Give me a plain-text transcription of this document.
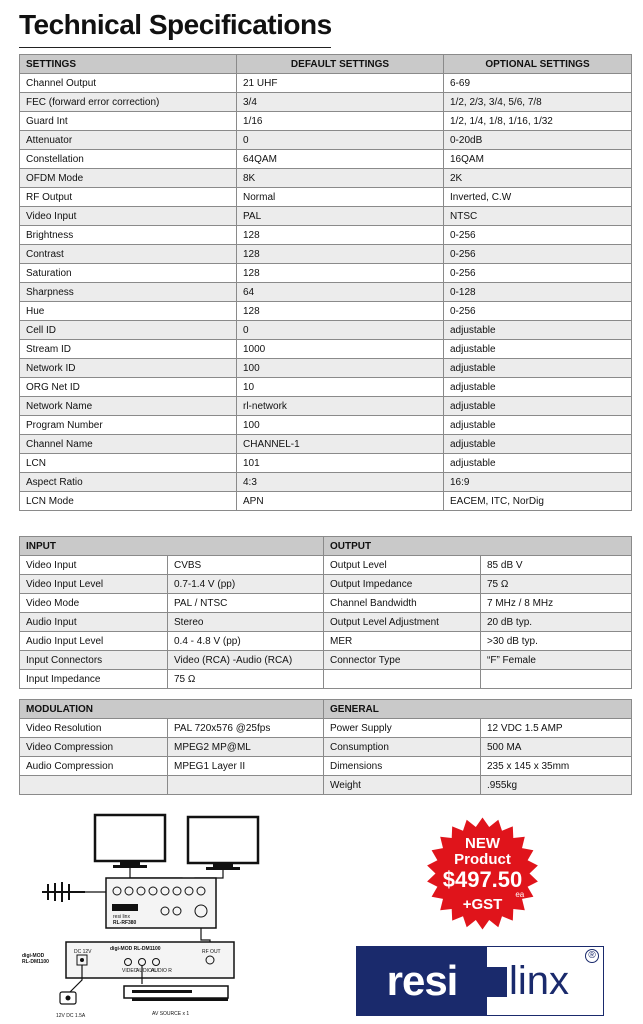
Technical Specifications
SETTINGS	DEFAULT SETTINGS	OPTIONAL SETTINGS
Channel Output	21 UHF	6-69
FEC (forward error correction)	3/4	1/2, 2/3, 3/4, 5/6, 7/8
Guard Int	1/16	1/2, 1/4, 1/8, 1/16, 1/32
Attenuator	0	0-20dB
Constellation	64QAM	16QAM
OFDM Mode	8K	2K
RF Output	Normal	Inverted, C.W
Video Input	PAL	NTSC
Brightness	128	0-256
Contrast	128	0-256
Saturation	128	0-256
Sharpness	64	0-128
Hue	128	0-256
Cell ID	0	adjustable
Stream ID	1000	adjustable
Network ID	100	adjustable
ORG Net ID	10	adjustable
Network Name	rl-network	adjustable
Program Number	100	adjustable
Channel Name	CHANNEL-1	adjustable
LCN	101	adjustable
Aspect Ratio	4:3	16:9
LCN Mode	APN	EACEM, ITC, NorDig
INPUT		OUTPUT	
Video Input	CVBS	Output Level	85 dB V
Video Input Level	0.7-1.4 V (pp)	Output Impedance	75 Ω
Video Mode	PAL / NTSC	Channel Bandwidth	7 MHz / 8 MHz
Audio Input	Stereo	Output Level Adjustment	20 dB typ.
Audio Input Level	0.4 - 4.8 V (pp)	MER	>30 dB typ.
Input Connectors	Video (RCA) -Audio (RCA)	Connector Type	“F” Female
Input Impedance	75 Ω		
MODULATION		GENERAL	
Video Resolution	PAL 720x576 @25fps	Power Supply	12 VDC 1.5 AMP
Video Compression	MPEG2 MP@ML	Consumption	500 MA
Audio Compression	MPEG1 Layer II	Dimensions	235 x 145 x 35mm
		Weight	.955kg
resi linx
RL-RF380
digi-MOD RL-DM1100
DC 12V
VIDEO
AUDIO L
AUDIO R
RF OUT
digi-MOD
RL-DM1100
12V DC 1.5A	AV SOURCE x 1
NEW
Product
$497.50
ea
+GST
resi	linx
®
